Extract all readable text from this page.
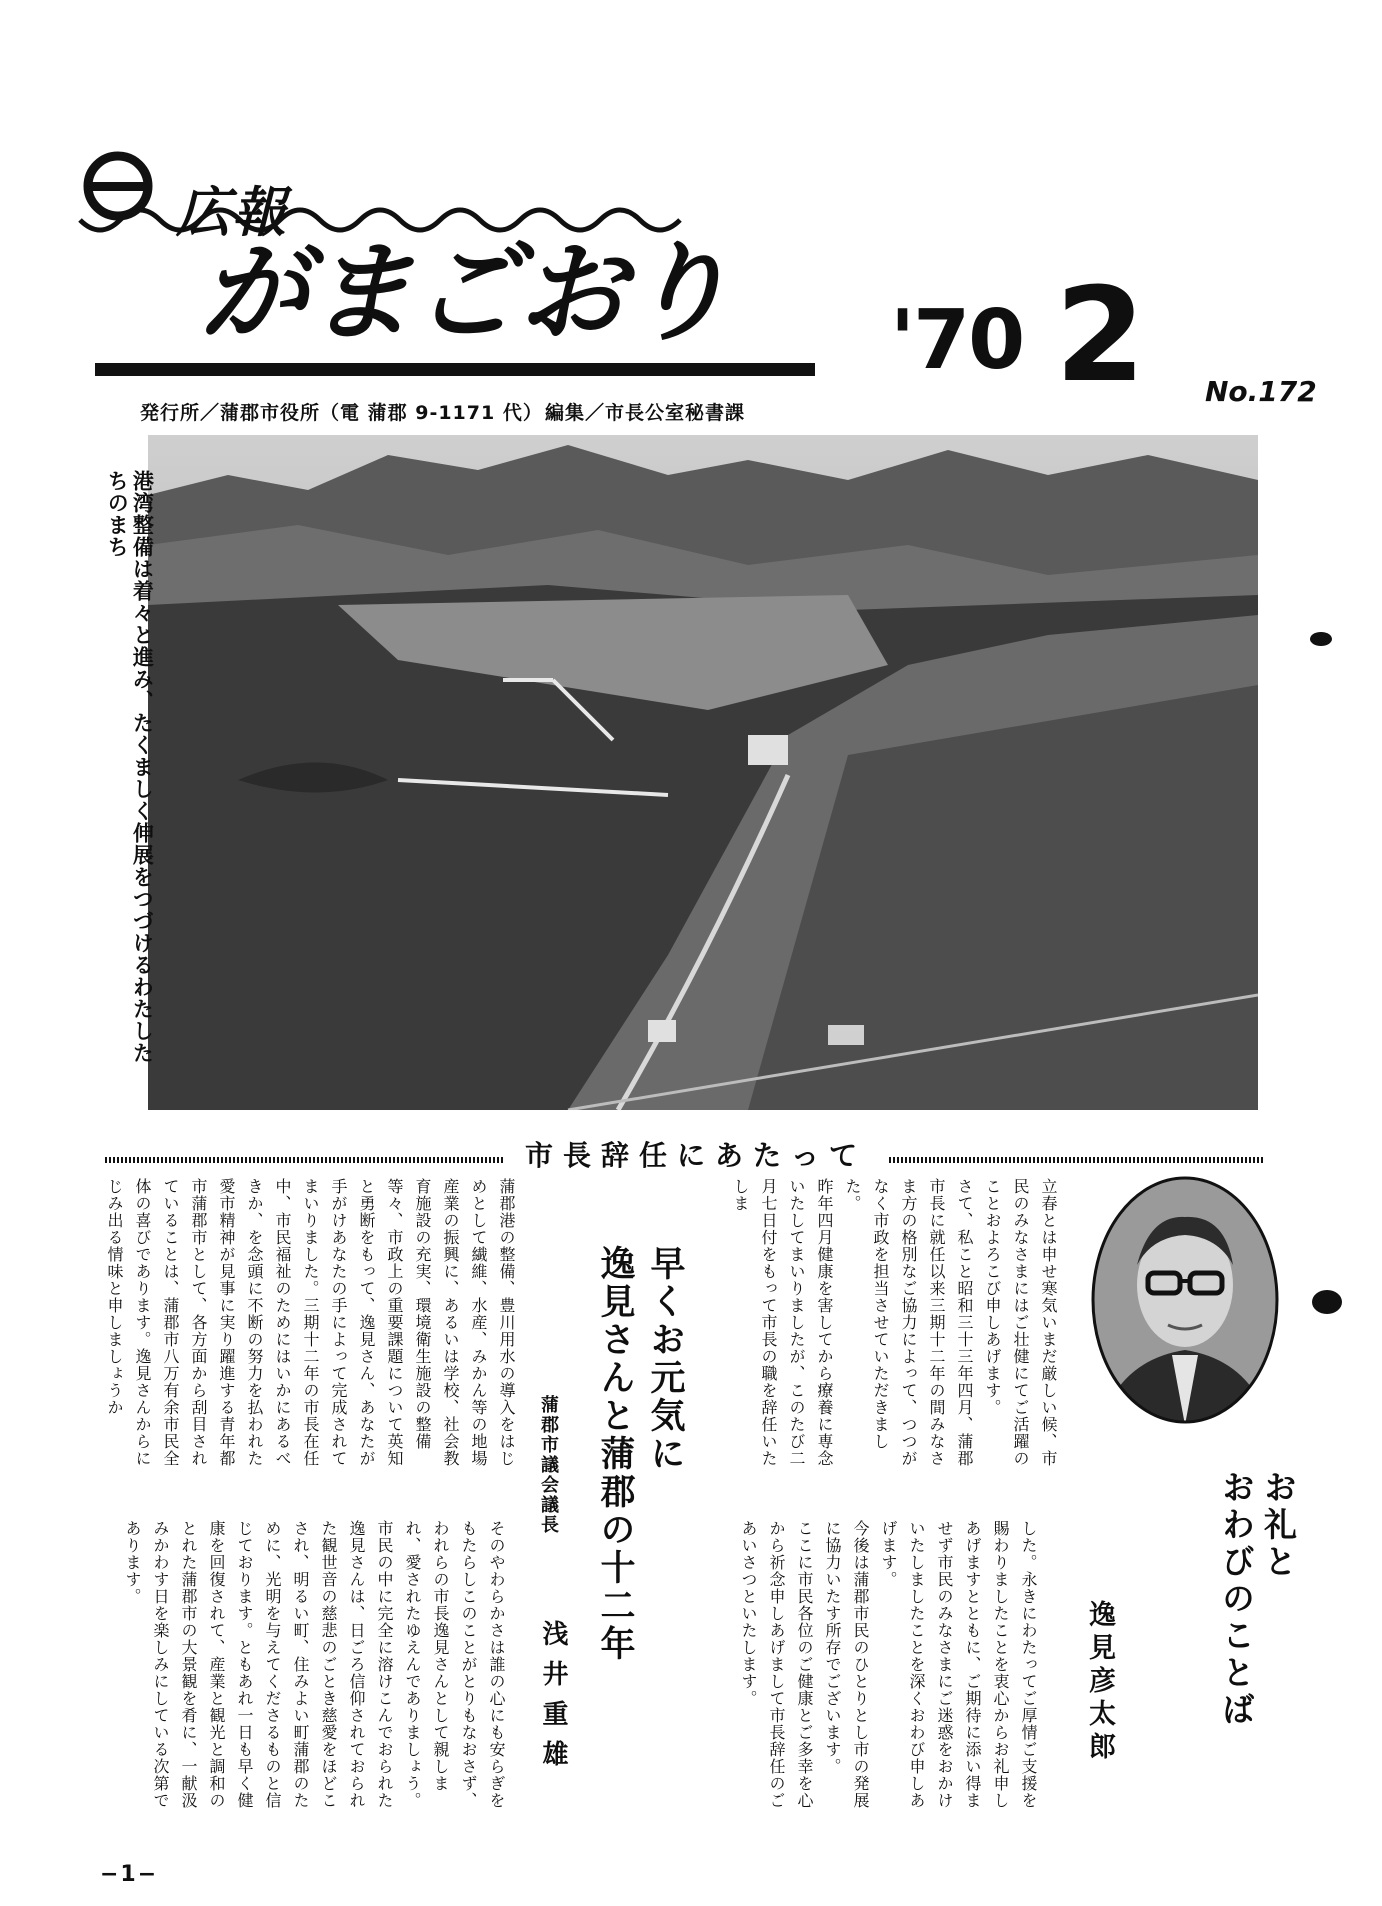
広報
がまごおり '70 2 No.172
発行所／蒲郡市役所（電 蒲郡 9-1171 代） 編集／市長公室秘書課
港湾整備は着々と進み、たくましく伸展をつづけるわたしたちのまち
市長辞任にあたって
お礼と
おわびのことば
逸見彦太郎

立春とは申せ寒気いまだ厳しい候、市民のみなさまにはご壮健にてご活躍のことおよろこび申しあげます。

さて、私こと昭和三十三年四月、蒲郡市長に就任以来三期十二年の間みなさま方の格別なご協力によって、つつがなく市政を担当させていただきました。

昨年四月健康を害してから療養に専念いたしてまいりましたが、このたび二月七日付をもって市長の職を辞任いたしま

した。永きにわたってご厚情ご支援を賜わりましたことを衷心からお礼申しあげますとともに、ご期待に添い得ませず市民のみなさまにご迷惑をおかけいたしましたことを深くおわび申しあげます。

今後は蒲郡市民のひとりとし市の発展に協力いたす所存でございます。

ここに市民各位のご健康とご多幸を心から祈念申しあげまして市長辞任のごあいさつといたします。

早くお元気に
逸見さんと蒲郡の十二年
蒲郡市議会議長
浅井重雄

蒲郡港の整備、豊川用水の導入をはじめとして繊維、水産、みかん等の地場産業の振興に、あるいは学校、社会教育施設の充実、環境衛生施設の整備等々、市政上の重要課題について英知と勇断をもって、逸見さん、あなたが手がけあなたの手によって完成されてまいりました。三期十二年の市長在任中、市民福祉のためにはいかにあるべきか、を念頭に不断の努力を払われた愛市精神が見事に実り躍進する青年都市蒲郡市として、各方面から刮目されていることは、蒲郡市八万有余市民全体の喜びであります。逸見さんからにじみ出る情味と申しましょうか

そのやわらかさは誰の心にも安らぎをもたらしこのことがとりもなおさず、われらの市長逸見さんとして親しまれ、愛されたゆえんでありましょう。市民の中に完全に溶けこんでおられた逸見さんは、日ごろ信仰されておられた観世音の慈悲のごとき慈愛をほどこされ、明るい町、住みよい町蒲郡のために、光明を与えてくださるものと信じております。ともあれ一日も早く健康を回復されて、産業と観光と調和のとれた蒲郡市の大景観を肴に、一献汲みかわす日を楽しみにしている次第であります。

−1−
